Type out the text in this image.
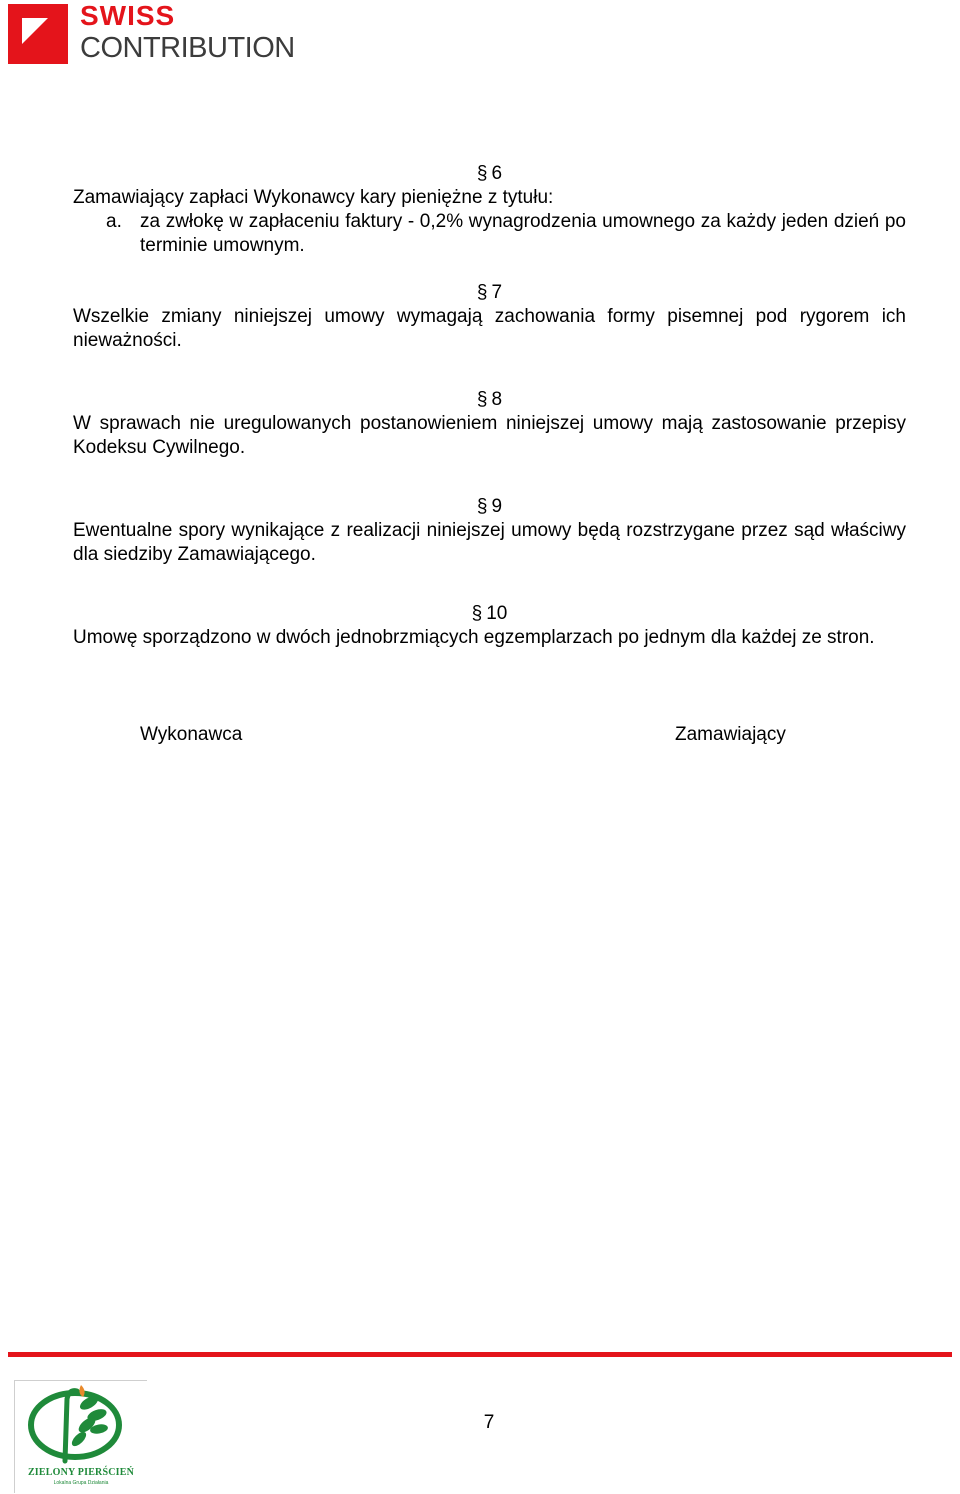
SWISS
CONTRIBUTION

§ 6

Zamawiający zapłaci Wykonawcy kary pieniężne z tytułu:

a. za zwłokę w zapłaceniu faktury - 0,2% wynagrodzenia umownego za każdy jeden dzień po terminie umownym.

§ 7

Wszelkie zmiany niniejszej umowy wymagają zachowania formy pisemnej pod rygorem ich nieważności.

§ 8

W sprawach nie uregulowanych postanowieniem niniejszej umowy mają zastosowanie przepisy Kodeksu Cywilnego.

§ 9

Ewentualne spory wynikające z realizacji niniejszej umowy będą rozstrzygane przez sąd właściwy dla siedziby Zamawiającego.

§ 10

Umowę sporządzono w dwóch jednobrzmiących egzemplarzach po jednym dla każdej ze stron.

Wykonawca	Zamawiający
ZIELONY PIERŚCIEŃ
Lokalna Grupa Działania
7
